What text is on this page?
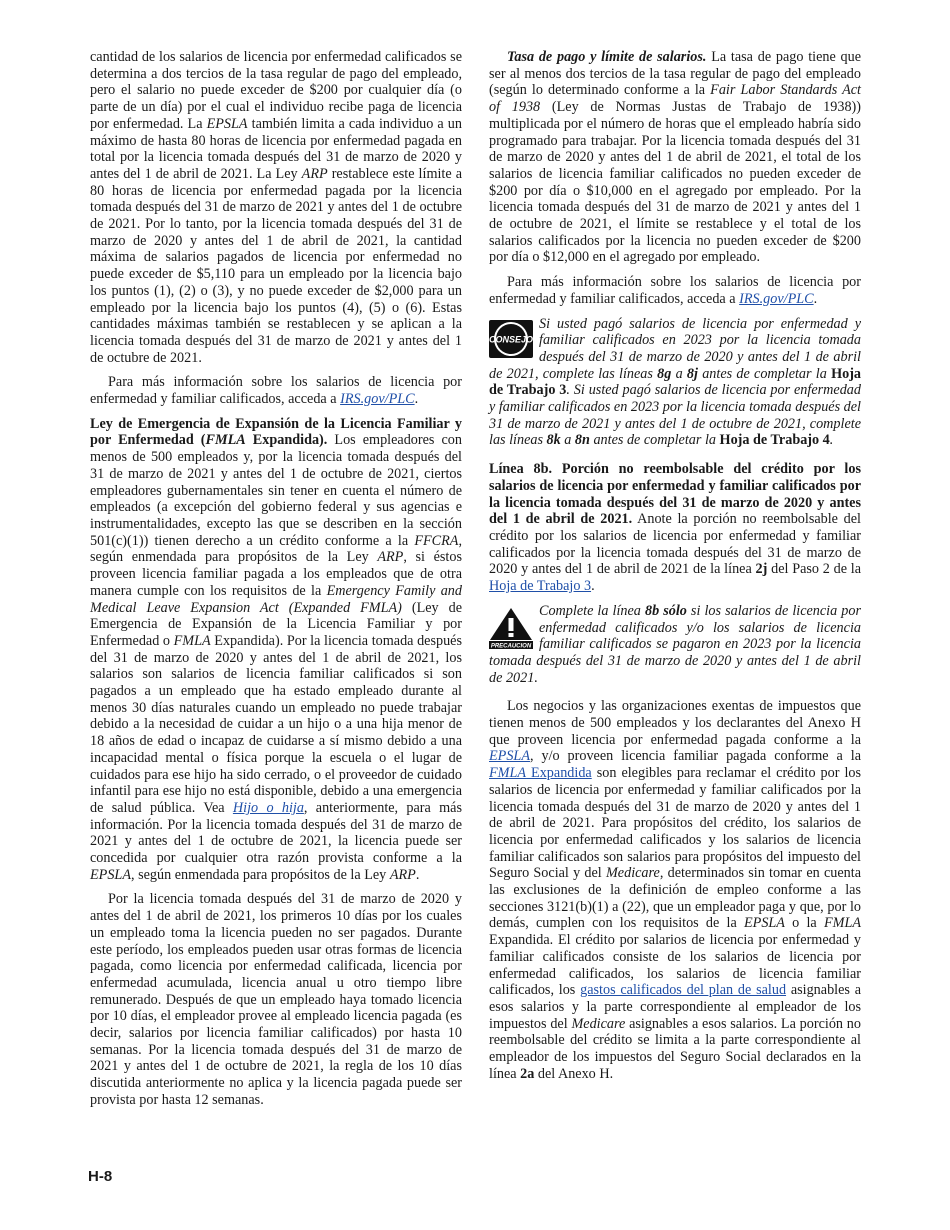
cantidad de los salarios de licencia por enfermedad calificados se determina a dos tercios de la tasa regular de pago del empleado, pero el salario no puede exceder de $200 por cualquier día (o parte de un día) por el cual el individuo recibe paga de licencia por enfermedad. La EPSLA también limita a cada individuo a un máximo de hasta 80 horas de licencia por enfermedad pagada en total por la licencia tomada después del 31 de marzo de 2020 y antes del 1 de abril de 2021. La Ley ARP restablece este límite a 80 horas de licencia por enfermedad pagada por la licencia tomada después del 31 de marzo de 2021 y antes del 1 de octubre de 2021. Por lo tanto, por la licencia tomada después del 31 de marzo de 2020 y antes del 1 de abril de 2021, la cantidad máxima de salarios pagados de licencia por enfermedad no puede exceder de $5,110 para un empleado por la licencia bajo los puntos (1), (2) o (3), y no puede exceder de $2,000 para un empleado por la licencia bajo los puntos (4), (5) o (6). Estas cantidades máximas también se restablecen y se aplican a la licencia tomada después del 31 de marzo de 2021 y antes del 1 de octubre de 2021.

Para más información sobre los salarios de licencia por enfermedad y familiar calificados, acceda a IRS.gov/PLC.

Ley de Emergencia de Expansión de la Licencia Familiar y por Enfermedad (FMLA Expandida). Los empleadores con menos de 500 empleados y, por la licencia tomada después del 31 de marzo de 2021 y antes del 1 de octubre de 2021, ciertos empleadores gubernamentales sin tener en cuenta el número de empleados (a excepción del gobierno federal y sus agencias e instrumentalidades, excepto las que se describen en la sección 501(c)(1)) tienen derecho a un crédito conforme a la FFCRA, según enmendada para propósitos de la Ley ARP, si éstos proveen licencia familiar pagada a los empleados que de otra manera cumple con los requisitos de la Emergency Family and Medical Leave Expansion Act (Expanded FMLA) (Ley de Emergencia de Expansión de la Licencia Familiar y por Enfermedad o FMLA Expandida). Por la licencia tomada después del 31 de marzo de 2020 y antes del 1 de abril de 2021, los salarios son salarios de licencia familiar calificados si son pagados a un empleado que ha estado empleado durante al menos 30 días naturales cuando un empleado no puede trabajar debido a la necesidad de cuidar a un hijo o a una hija menor de 18 años de edad o incapaz de cuidarse a sí mismo debido a una incapacidad mental o física porque la escuela o el lugar de cuidados para ese hijo ha sido cerrado, o el proveedor de cuidado infantil para ese hijo no está disponible, debido a una emergencia de salud pública. Vea Hijo o hija, anteriormente, para más información. Por la licencia tomada después del 31 de marzo de 2021 y antes del 1 de octubre de 2021, la licencia puede ser concedida por cualquier otra razón provista conforme a la EPSLA, según enmendada para propósitos de la Ley ARP.

Por la licencia tomada después del 31 de marzo de 2020 y antes del 1 de abril de 2021, los primeros 10 días por los cuales un empleado toma la licencia pueden no ser pagados. Durante este período, los empleados pueden usar otras formas de licencia pagada, como licencia por enfermedad calificada, licencia por enfermedad acumulada, licencia anual u otro tiempo libre remunerado. Después de que un empleado haya tomado licencia por 10 días, el empleador provee al empleado licencia pagada (es decir, salarios por licencia familiar calificados) por hasta 10 semanas. Por la licencia tomada después del 31 de marzo de 2021 y antes del 1 de octubre de 2021, la regla de los 10 días discutida anteriormente no aplica y la licencia pagada puede ser provista por hasta 12 semanas.

Tasa de pago y límite de salarios. La tasa de pago tiene que ser al menos dos tercios de la tasa regular de pago del empleado (según lo determinado conforme a la Fair Labor Standards Act of 1938 (Ley de Normas Justas de Trabajo de 1938)) multiplicada por el número de horas que el empleado habría sido programado para trabajar. Por la licencia tomada después del 31 de marzo de 2020 y antes del 1 de abril de 2021, el total de los salarios de licencia familiar calificados no pueden exceder de $200 por día o $10,000 en el agregado por empleado. Por la licencia tomada después del 31 de marzo de 2021 y antes del 1 de octubre de 2021, el límite se restablece y el total de los salarios calificados por la licencia no pueden exceder de $200 por día o $12,000 en el agregado por empleado.

Para más información sobre los salarios de licencia por enfermedad y familiar calificados, acceda a IRS.gov/PLC.

CONSEJO
Si usted pagó salarios de licencia por enfermedad y familiar calificados en 2023 por la licencia tomada después del 31 de marzo de 2020 y antes del 1 de abril de 2021, complete las líneas 8g a 8j antes de completar la Hoja de Trabajo 3. Si usted pagó salarios de licencia por enfermedad y familiar calificados en 2023 por la licencia tomada después del 31 de marzo de 2021 y antes del 1 de octubre de 2021, complete las líneas 8k a 8n antes de completar la Hoja de Trabajo 4.

Línea 8b. Porción no reembolsable del crédito por los salarios de licencia por enfermedad y familiar calificados por la licencia tomada después del 31 de marzo de 2020 y antes del 1 de abril de 2021. Anote la porción no reembolsable del crédito por los salarios de licencia por enfermedad y familiar calificados por la licencia tomada después del 31 de marzo de 2020 y antes del 1 de abril de 2021 de la línea 2j del Paso 2 de la Hoja de Trabajo 3.

PRECAUCION
Complete la línea 8b sólo si los salarios de licencia por enfermedad calificados y/o los salarios de licencia familiar calificados se pagaron en 2023 por la licencia tomada después del 31 de marzo de 2020 y antes del 1 de abril de 2021.

Los negocios y las organizaciones exentas de impuestos que tienen menos de 500 empleados y los declarantes del Anexo H que proveen licencia por enfermedad pagada conforme a la EPSLA, y/o proveen licencia familiar pagada conforme a la FMLA Expandida son elegibles para reclamar el crédito por los salarios de licencia por enfermedad y familiar calificados por la licencia tomada después del 31 de marzo de 2020 y antes del 1 de abril de 2021. Para propósitos del crédito, los salarios de licencia por enfermedad calificados y los salarios de licencia familiar calificados son salarios para propósitos del impuesto del Seguro Social y del Medicare, determinados sin tomar en cuenta las exclusiones de la definición de empleo conforme a las secciones 3121(b)(1) a (22), que un empleador paga y que, por lo demás, cumplen con los requisitos de la EPSLA o la FMLA Expandida. El crédito por salarios de licencia por enfermedad y familiar calificados consiste de los salarios de licencia por enfermedad calificados, los salarios de licencia familiar calificados, los gastos calificados del plan de salud asignables a esos salarios y la parte correspondiente al empleador de los impuestos del Medicare asignables a esos salarios. La porción no reembolsable del crédito se limita a la parte correspondiente al empleador de los impuestos del Seguro Social declarados en la línea 2a del Anexo H.

H-8
